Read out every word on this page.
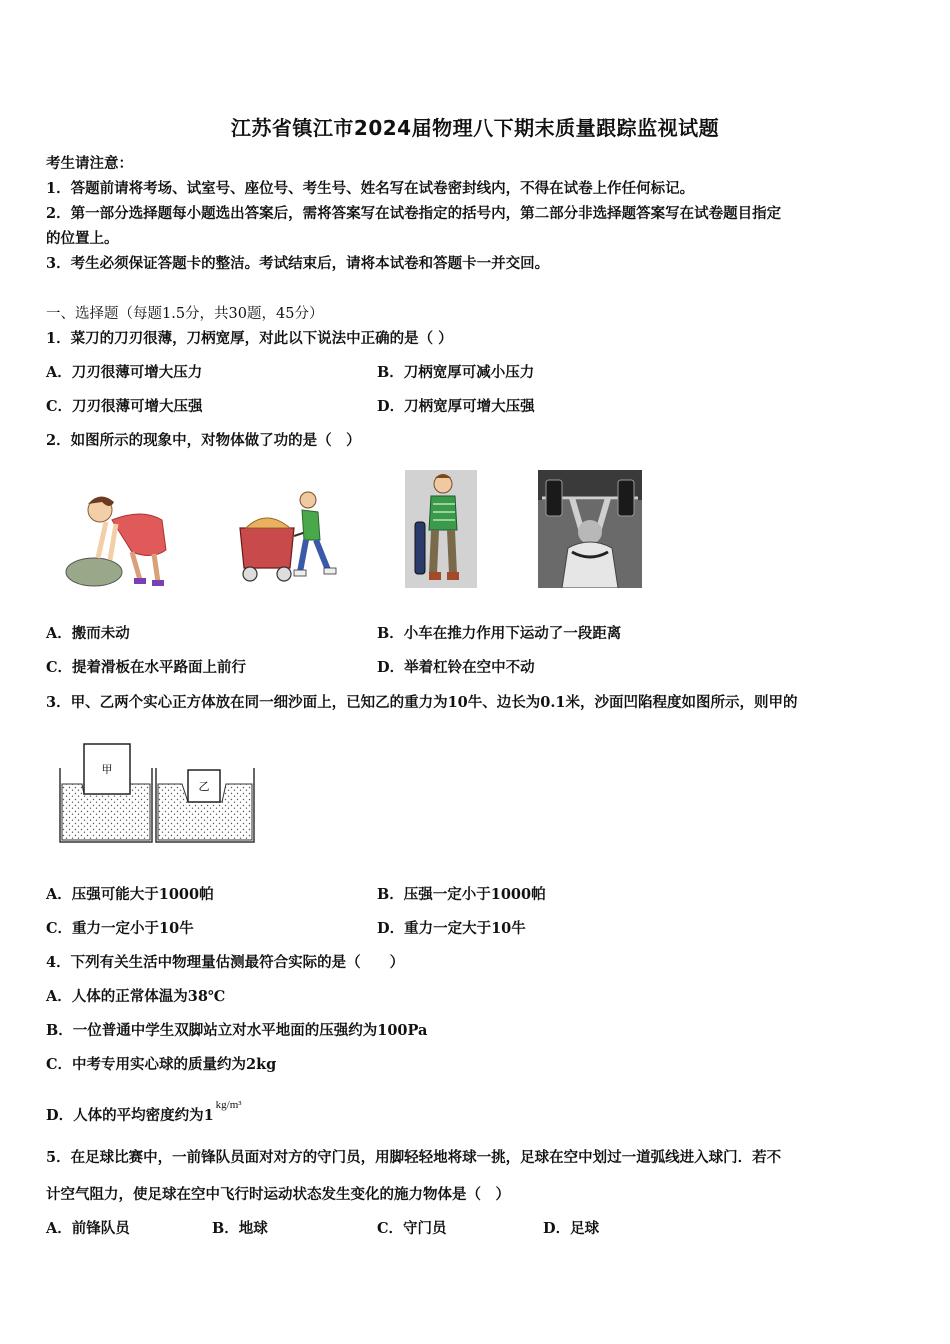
江苏省镇江市2024届物理八下期末质量跟踪监视试题
考生请注意：
1．答题前请将考场、试室号、座位号、考生号、姓名写在试卷密封线内，不得在试卷上作任何标记。
2．第一部分选择题每小题选出答案后，需将答案写在试卷指定的括号内，第二部分非选择题答案写在试卷题目指定
的位置上。
3．考生必须保证答题卡的整洁。考试结束后，请将本试卷和答题卡一并交回。
一、选择题（每题1.5分，共30题，45分）
1．菜刀的刀刃很薄，刀柄宽厚，对此以下说法中正确的是（ ）
A．刀刃很薄可增大压力	B．刀柄宽厚可减小压力
C．刀刃很薄可增大压强	D．刀柄宽厚可增大压强
2．如图所示的现象中，对物体做了功的是（　）
A．搬而未动	B．小车在推力作用下运动了一段距离
C．提着滑板在水平路面上前行	D．举着杠铃在空中不动
3．甲、乙两个实心正方体放在同一细沙面上，已知乙的重力为10牛、边长为0.1米，沙面凹陷程度如图所示，则甲的
甲
乙
A．压强可能大于1000帕	B．压强一定小于1000帕
C．重力一定小于10牛	D．重力一定大于10牛
4．下列有关生活中物理量估测最符合实际的是（　　）
A．人体的正常体温为38℃
B．一位普通中学生双脚站立对水平地面的压强约为100Pa
C．中考专用实心球的质量约为2kg
D．人体的平均密度约为$1^{kg/m^3}$
5．在足球比赛中，一前锋队员面对对方的守门员，用脚轻轻地将球一挑，足球在空中划过一道弧线进入球门．若不
计空气阻力，使足球在空中飞行时运动状态发生变化的施力物体是（　）
A．前锋队员	B．地球	C．守门员	D．足球
